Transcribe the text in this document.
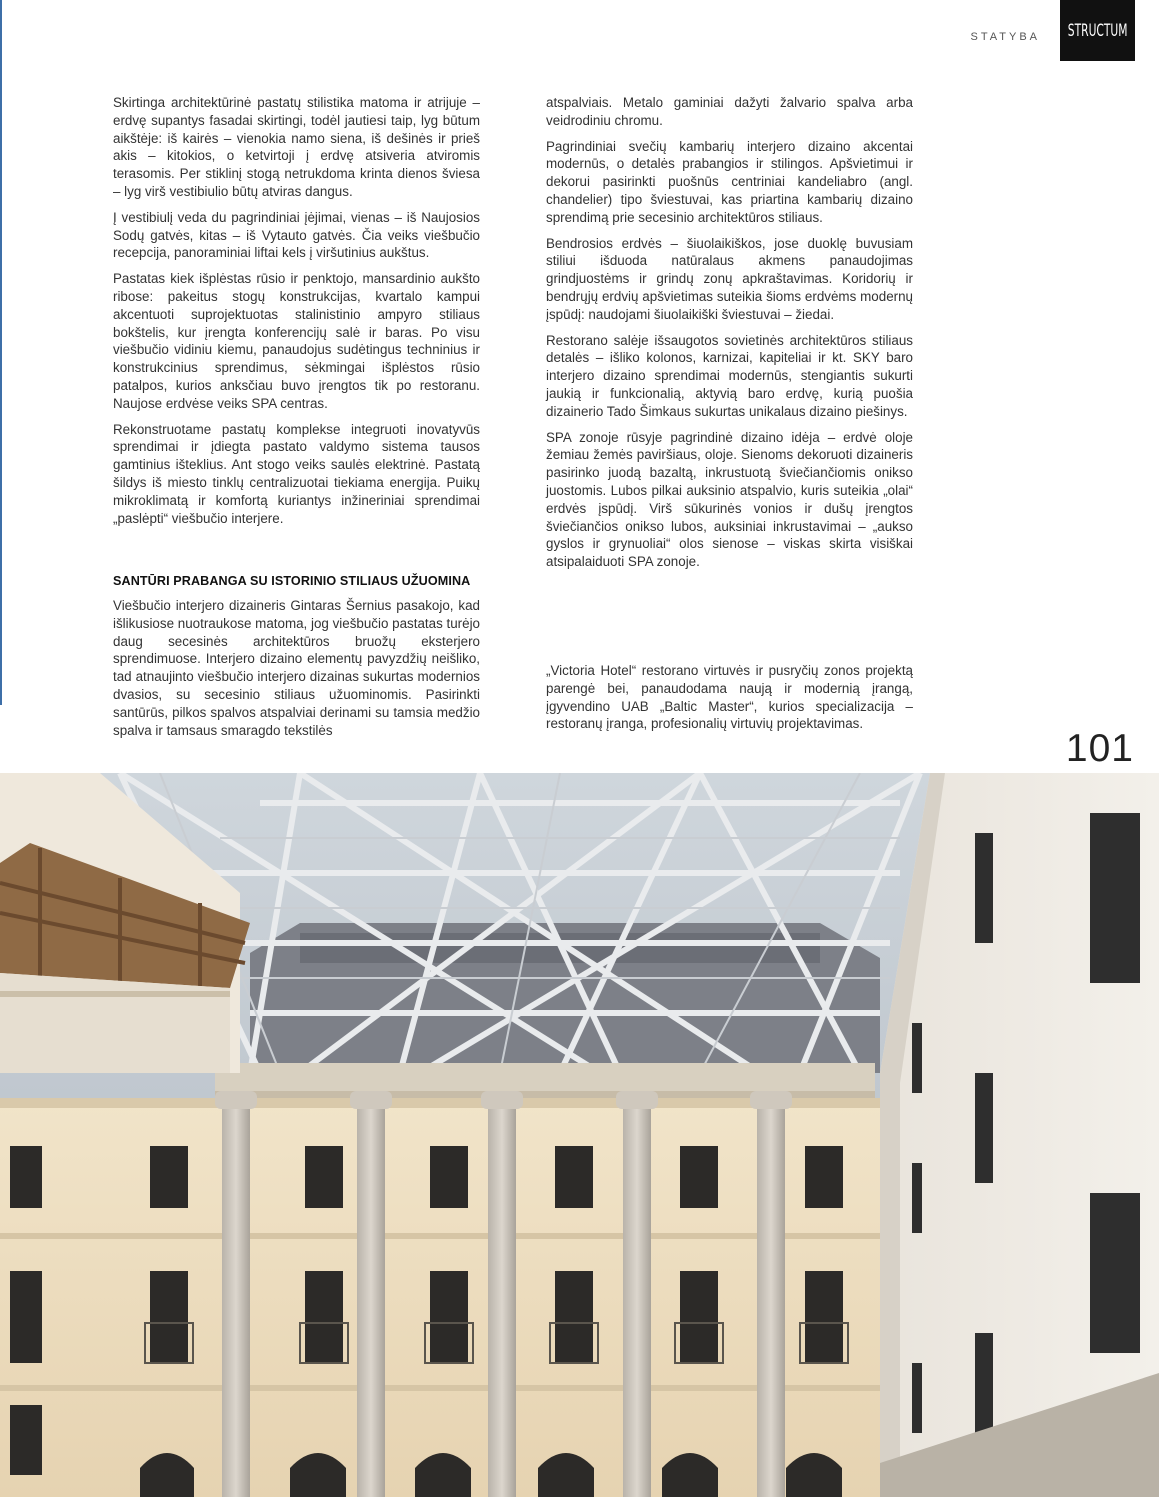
STATYBA STRUCTUM

Skirtinga architektūrinė pastatų stilistika matoma ir atrijuje – erdvę supantys fasadai skirtingi, todėl jautiesi taip, lyg būtum aikštėje: iš kairės – vienokia namo siena, iš dešinės ir prieš akis – kitokios, o ketvirtoji į erdvę atsiveria atviromis terasomis. Per stiklinį stogą netrukdoma krinta dienos šviesa – lyg virš vestibiulio būtų atviras dangus.

Į vestibiulį veda du pagrindiniai įėjimai, vienas – iš Naujosios Sodų gatvės, kitas – iš Vytauto gatvės. Čia veiks viešbučio recepcija, panoraminiai liftai kels į viršutinius aukštus.

Pastatas kiek išplėstas rūsio ir penktojo, mansardinio aukšto ribose: pakeitus stogų konstrukcijas, kvartalo kampui akcentuoti suprojektuotas stalinistinio ampyro stiliaus bokštelis, kur įrengta konferencijų salė ir baras. Po visu viešbučio vidiniu kiemu, panaudojus sudėtingus techninius ir konstrukcinius sprendimus, sėkmingai išplėstos rūsio patalpos, kurios anksčiau buvo įrengtos tik po restoranu. Naujose erdvėse veiks SPA centras.

Rekonstruotame pastatų komplekse integruoti inovatyvūs sprendimai ir įdiegta pastato valdymo sistema tausos gamtinius išteklius. Ant stogo veiks saulės elektrinė. Pastatą šildys iš miesto tinklų centralizuotai tiekiama energija. Puikų mikroklimatą ir komfortą kuriantys inžineriniai sprendimai „paslėpti“ viešbučio interjere.

atspalviais. Metalo gaminiai dažyti žalvario spalva arba veidrodiniu chromu.

Pagrindiniai svečių kambarių interjero dizaino akcentai modernūs, o detalės prabangios ir stilingos. Apšvietimui ir dekorui pasirinkti puošnūs centriniai kandeliabro (angl. chandelier) tipo šviestuvai, kas priartina kambarių dizaino sprendimą prie secesinio architektūros stiliaus.

Bendrosios erdvės – šiuolaikiškos, jose duoklę buvusiam stiliui išduoda natūralaus akmens panaudojimas grindjuostėms ir grindų zonų apkraštavimas. Koridorių ir bendrųjų erdvių apšvietimas suteikia šioms erdvėms modernų įspūdį: naudojami šiuolaikiški šviestuvai – žiedai.

Restorano salėje išsaugotos sovietinės architektūros stiliaus detalės – išliko kolonos, karnizai, kapiteliai ir kt. SKY baro interjero dizaino sprendimai modernūs, stengiantis sukurti jaukią ir funkcionalią, aktyvią baro erdvę, kurią puošia dizainerio Tado Šimkaus sukurtas unikalaus dizaino piešinys.

SPA zonoje rūsyje pagrindinė dizaino idėja – erdvė oloje žemiau žemės paviršiaus, oloje. Sienoms dekoruoti dizaineris pasirinko juodą bazaltą, inkrustuotą šviečiančiomis onikso juostomis. Lubos pilkai auksinio atspalvio, kuris suteikia „olai“ erdvės įspūdį. Virš sūkurinės vonios ir dušų įrengtos šviečiančios onikso lubos, auksiniai inkrustavimai – „aukso gyslos ir grynuoliai“ olos sienose – viskas skirta visiškai atsipalaiduoti SPA zonoje.

SANTŪRI PRABANGA SU ISTORINIO STILIAUS UŽUOMINA

Viešbučio interjero dizaineris Gintaras Šernius pasakojo, kad išlikusiose nuotraukose matoma, jog viešbučio pastatas turėjo daug secesinės architektūros bruožų eksterjero sprendimuose. Interjero dizaino elementų pavyzdžių neišliko, tad atnaujinto viešbučio interjero dizainas sukurtas modernios dvasios, su secesinio stiliaus užuominomis. Pasirinkti santūrūs, pilkos spalvos atspalviai derinami su tamsia medžio spalva ir tamsaus smaragdo tekstilės

„Victoria Hotel“ restorano virtuvės ir pusryčių zonos projektą parengė bei, panaudodama naują ir modernią įrangą, įgyvendino UAB „Baltic Master“, kurios specializacija – restoranų įranga, profesionalių virtuvių projektavimas.

101
